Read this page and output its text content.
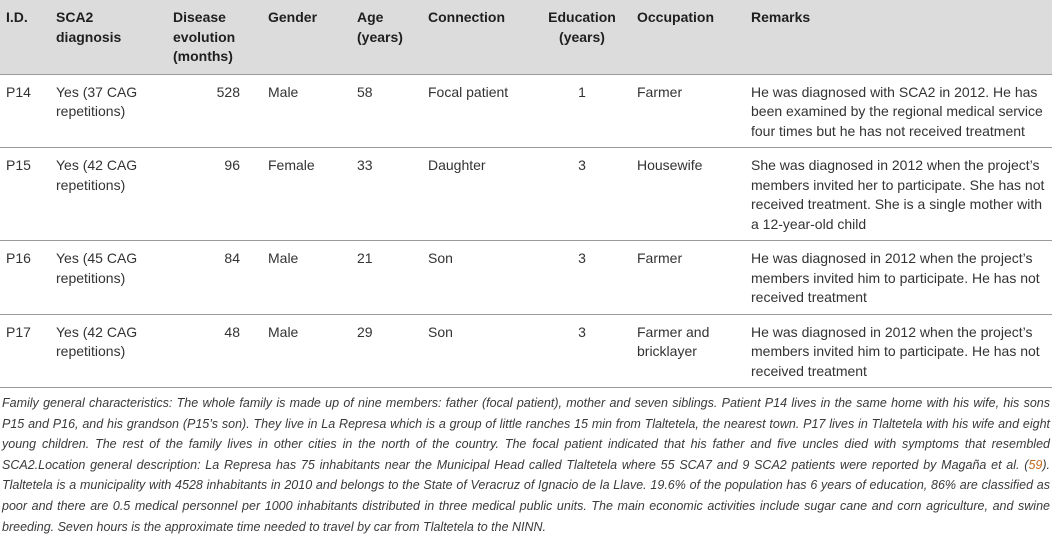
I.D.	SCA2 diagnosis	Disease evolution (months)	Gender	Age (years)	Connection	Education (years)	Occupation	Remarks
P14	Yes (37 CAG repetitions)	528	Male	58	Focal patient	1	Farmer	He was diagnosed with SCA2 in 2012. He has been examined by the regional medical service four times but he has not received treatment
P15	Yes (42 CAG repetitions)	96	Female	33	Daughter	3	Housewife	She was diagnosed in 2012 when the project’s members invited her to participate. She has not received treatment. She is a single mother with a 12-year-old child
P16	Yes (45 CAG repetitions)	84	Male	21	Son	3	Farmer	He was diagnosed in 2012 when the project’s members invited him to participate. He has not received treatment
P17	Yes (42 CAG repetitions)	48	Male	29	Son	3	Farmer and bricklayer	He was diagnosed in 2012 when the project’s members invited him to participate. He has not received treatment

Family general characteristics: The whole family is made up of nine members: father (focal patient), mother and seven siblings. Patient P14 lives in the same home with his wife, his sons P15 and P16, and his grandson (P15’s son). They live in La Represa which is a group of little ranches 15 min from Tlaltetela, the nearest town. P17 lives in Tlaltetela with his wife and eight young children. The rest of the family lives in other cities in the north of the country. The focal patient indicated that his father and five uncles died with symptoms that resembled SCA2.Location general description: La Represa has 75 inhabitants near the Municipal Head called Tlaltetela where 55 SCA7 and 9 SCA2 patients were reported by Magaña et al. (59). Tlaltetela is a municipality with 4528 inhabitants in 2010 and belongs to the State of Veracruz of Ignacio de la Llave. 19.6% of the population has 6 years of education, 86% are classified as poor and there are 0.5 medical personnel per 1000 inhabitants distributed in three medical public units. The main economic activities include sugar cane and corn agriculture, and swine breeding. Seven hours is the approximate time needed to travel by car from Tlaltetela to the NINN.
